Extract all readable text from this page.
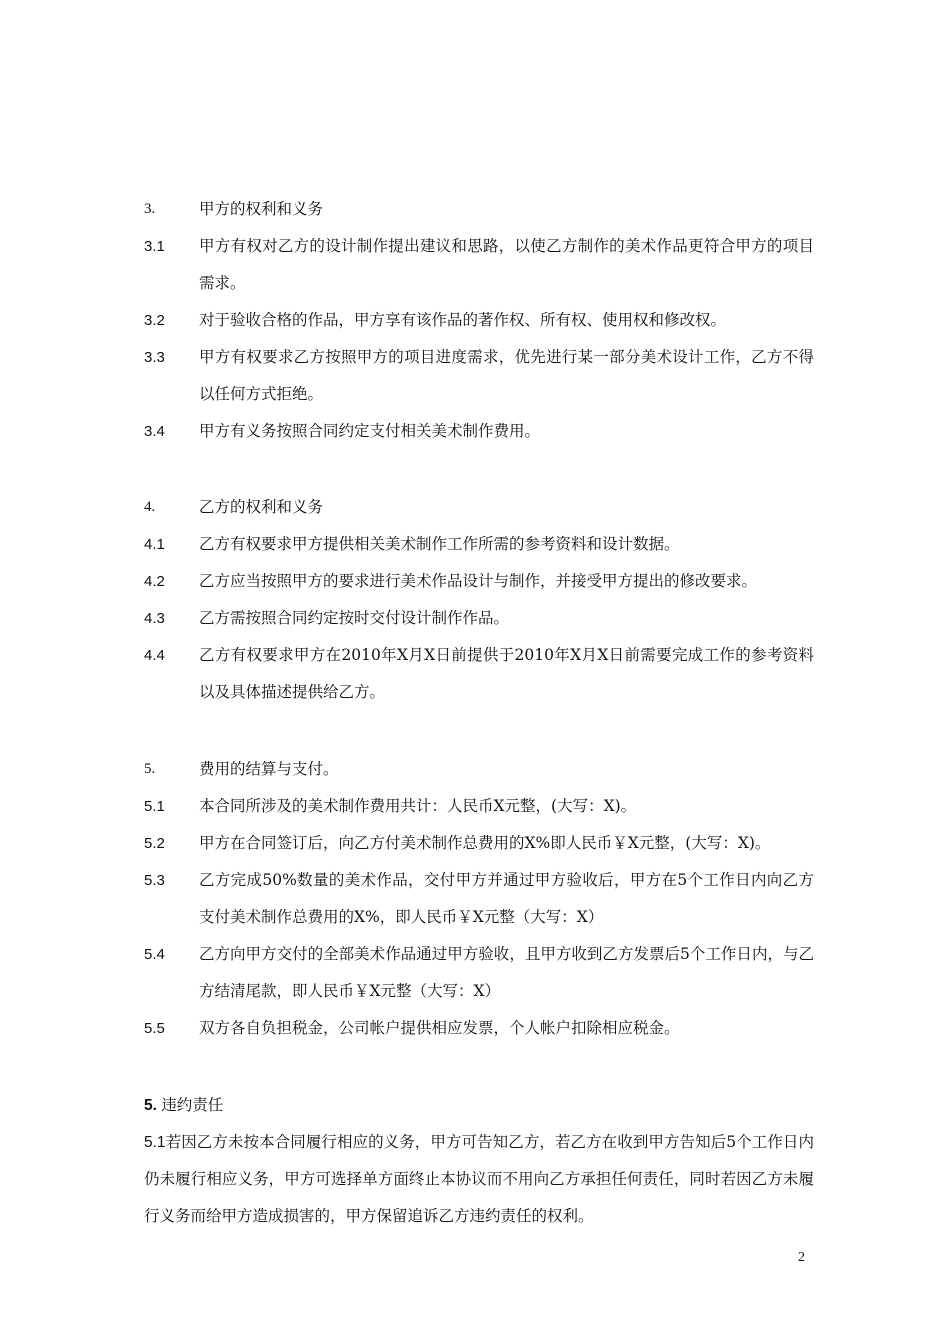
3.	甲方的权利和义务
3.1	甲方有权对乙方的设计制作提出建议和思路，以使乙方制作的美术作品更符合甲方的项目需求。
3.2	对于验收合格的作品，甲方享有该作品的著作权、所有权、使用权和修改权。
3.3	甲方有权要求乙方按照甲方的项目进度需求，优先进行某一部分美术设计工作，乙方不得以任何方式拒绝。
3.4	甲方有义务按照合同约定支付相关美术制作费用。
4.	乙方的权利和义务
4.1	乙方有权要求甲方提供相关美术制作工作所需的参考资料和设计数据。
4.2	乙方应当按照甲方的要求进行美术作品设计与制作，并接受甲方提出的修改要求。
4.3	乙方需按照合同约定按时交付设计制作作品。
4.4	乙方有权要求甲方在2010年X月X日前提供于2010年X月X日前需要完成工作的参考资料以及具体描述提供给乙方。
5.	费用的结算与支付。
5.1	本合同所涉及的美术制作费用共计：人民币X元整，(大写：X)。
5.2	甲方在合同签订后，向乙方付美术制作总费用的X%即人民币￥X元整，(大写：X)。
5.3	乙方完成50%数量的美术作品，交付甲方并通过甲方验收后，甲方在5个工作日内向乙方支付美术制作总费用的X%，即人民币￥X元整（大写：X）
5.4	乙方向甲方交付的全部美术作品通过甲方验收，且甲方收到乙方发票后5个工作日内，与乙方结清尾款，即人民币￥X元整（大写：X）
5.5	双方各自负担税金，公司帐户提供相应发票，个人帐户扣除相应税金。
5. 违约责任
5.1若因乙方未按本合同履行相应的义务，甲方可告知乙方，若乙方在收到甲方告知后5个工作日内仍未履行相应义务，甲方可选择单方面终止本协议而不用向乙方承担任何责任，同时若因乙方未履行义务而给甲方造成损害的，甲方保留追诉乙方违约责任的权利。
2
